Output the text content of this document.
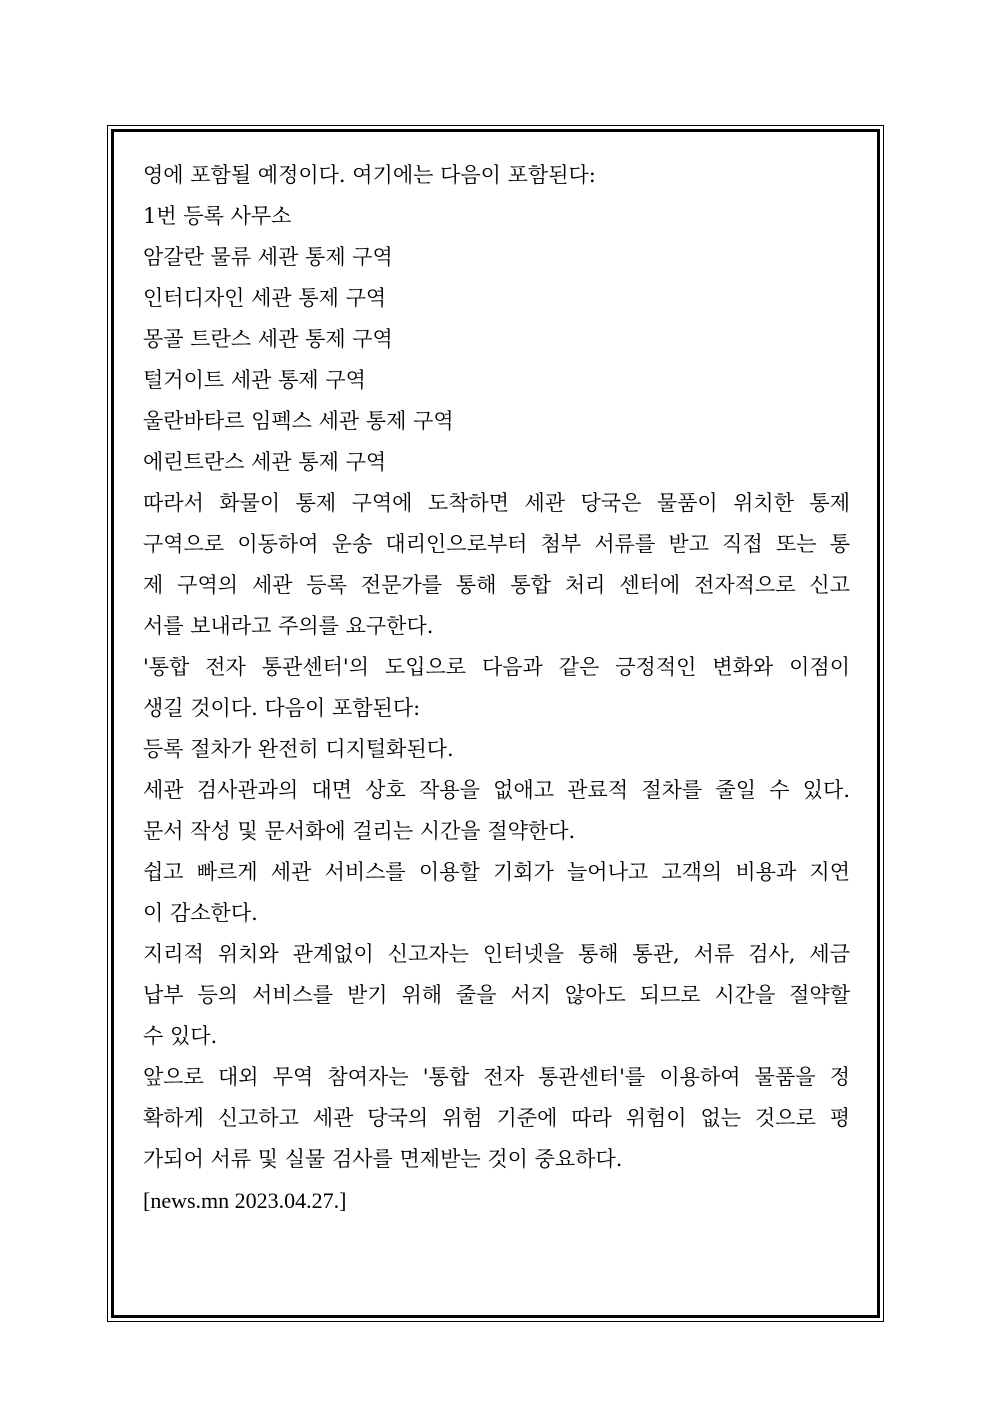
영에 포함될 예정이다. 여기에는 다음이 포함된다:
1번 등록 사무소
암갈란 물류 세관 통제 구역
인터디자인 세관 통제 구역
몽골 트란스 세관 통제 구역
털거이트 세관 통제 구역
울란바타르 임펙스 세관 통제 구역
에린트란스 세관 통제 구역
따라서 화물이 통제 구역에 도착하면 세관 당국은 물품이 위치한 통제
구역으로 이동하여 운송 대리인으로부터 첨부 서류를 받고 직접 또는 통
제 구역의 세관 등록 전문가를 통해 통합 처리 센터에 전자적으로 신고
서를 보내라고 주의를 요구한다.
'통합 전자 통관센터'의 도입으로 다음과 같은 긍정적인 변화와 이점이
생길 것이다. 다음이 포함된다:
등록 절차가 완전히 디지털화된다.
세관 검사관과의 대면 상호 작용을 없애고 관료적 절차를 줄일 수 있다.
문서 작성 및 문서화에 걸리는 시간을 절약한다.
쉽고 빠르게 세관 서비스를 이용할 기회가 늘어나고 고객의 비용과 지연
이 감소한다.
지리적 위치와 관계없이 신고자는 인터넷을 통해 통관, 서류 검사, 세금
납부 등의 서비스를 받기 위해 줄을 서지 않아도 되므로 시간을 절약할
수 있다.
앞으로 대외 무역 참여자는 '통합 전자 통관센터'를 이용하여 물품을 정
확하게 신고하고 세관 당국의 위험 기준에 따라 위험이 없는 것으로 평
가되어 서류 및 실물 검사를 면제받는 것이 중요하다.
[news.mn 2023.04.27.]
